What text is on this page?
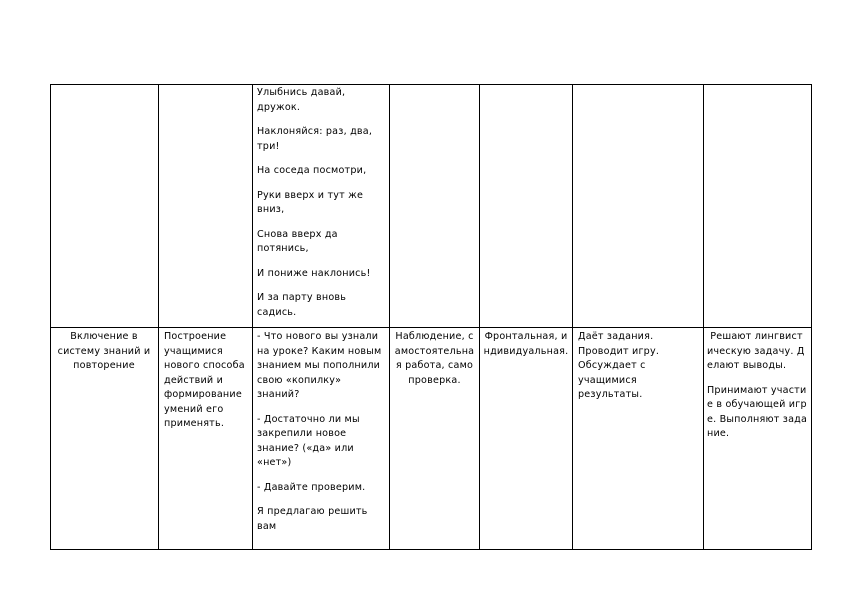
Улыбнись давай, дружок.

Наклоняйся: раз, два, три!

На соседа посмотри,

Руки вверх и тут же вниз,

Снова вверх да потянись,

И пониже наклонись!

И за парту вновь садись.

Включение в систему знаний и повторение
Построение учащимися нового способа действий и формирование умений его применять.

- Что нового вы узнали на уроке? Каким новым знанием мы пополнили свою «копилку» знаний?

- Достаточно ли мы закрепили новое знание? («да» или «нет»)

- Давайте проверим.

Я предлагаю решить вам

Наблюдение, самостоятельная работа, самопроверка.
Фронтальная, индивидуальная.
Даёт задания. Проводит игру. Обсуждает с учащимися результаты.

Решают лингвистическую задачу. Делают выводы.

Принимают участие в обучающей игре. Выполняют задание.
